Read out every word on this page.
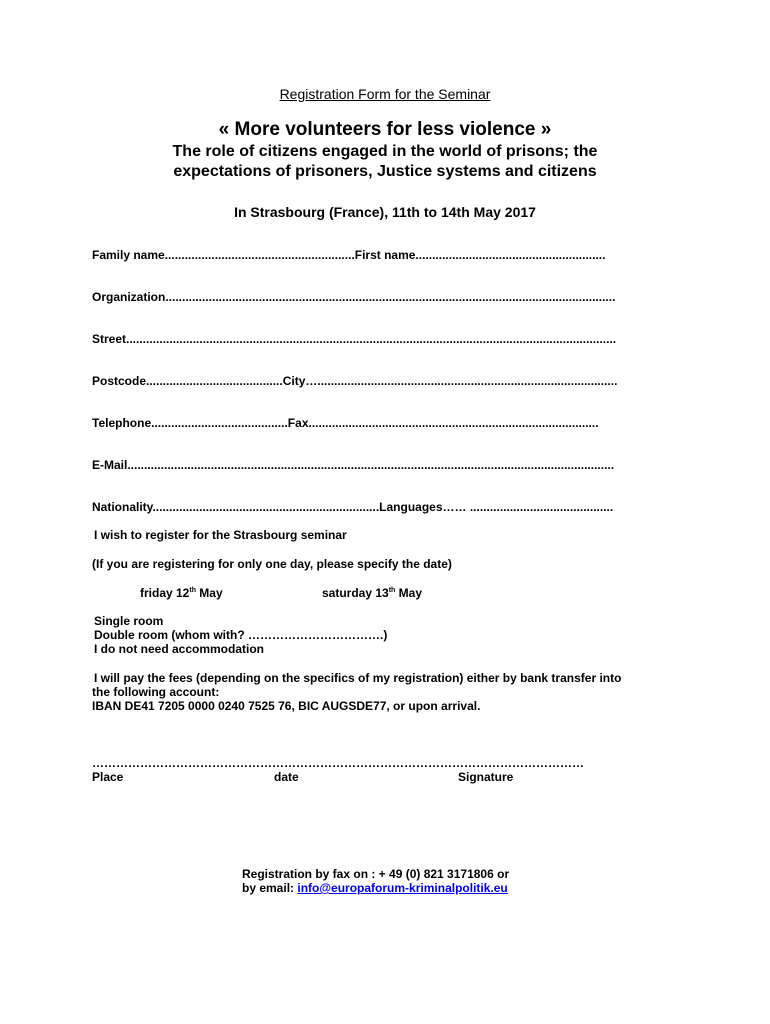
Registration Form for the Seminar
« More volunteers for less violence »
The role of citizens engaged in the world of prisons; the
expectations of prisoners, Justice systems and citizens
In Strasbourg (France), 11th to 14th May 2017
Family name.........................................................First name.........................................................
Organization.......................................................................................................................................
Street...................................................................................................................................................
Postcode.........................................City…..........................................................................................
Telephone.........................................Fax.......................................................................................
E-Mail..................................................................................................................................................
Nationality....................................................................Languages…… ...........................................
I wish to register for the Strasbourg seminar
(If you are registering for only one day, please specify the date)
friday 12th May	saturday 13th May
Single room
Double room (whom with? …………………………….)
I do not need accommodation
I will pay the fees (depending on the specifics of my registration) either by bank transfer into
the following account:
IBAN DE41 7205 0000 0240 7525 76, BIC AUGSDE77, or upon arrival.
……………………………………………………………………………………………………………
Place	date	Signature
Registration by fax on : + 49 (0) 821 3171806 or
by email: info@europaforum-kriminalpolitik.eu
